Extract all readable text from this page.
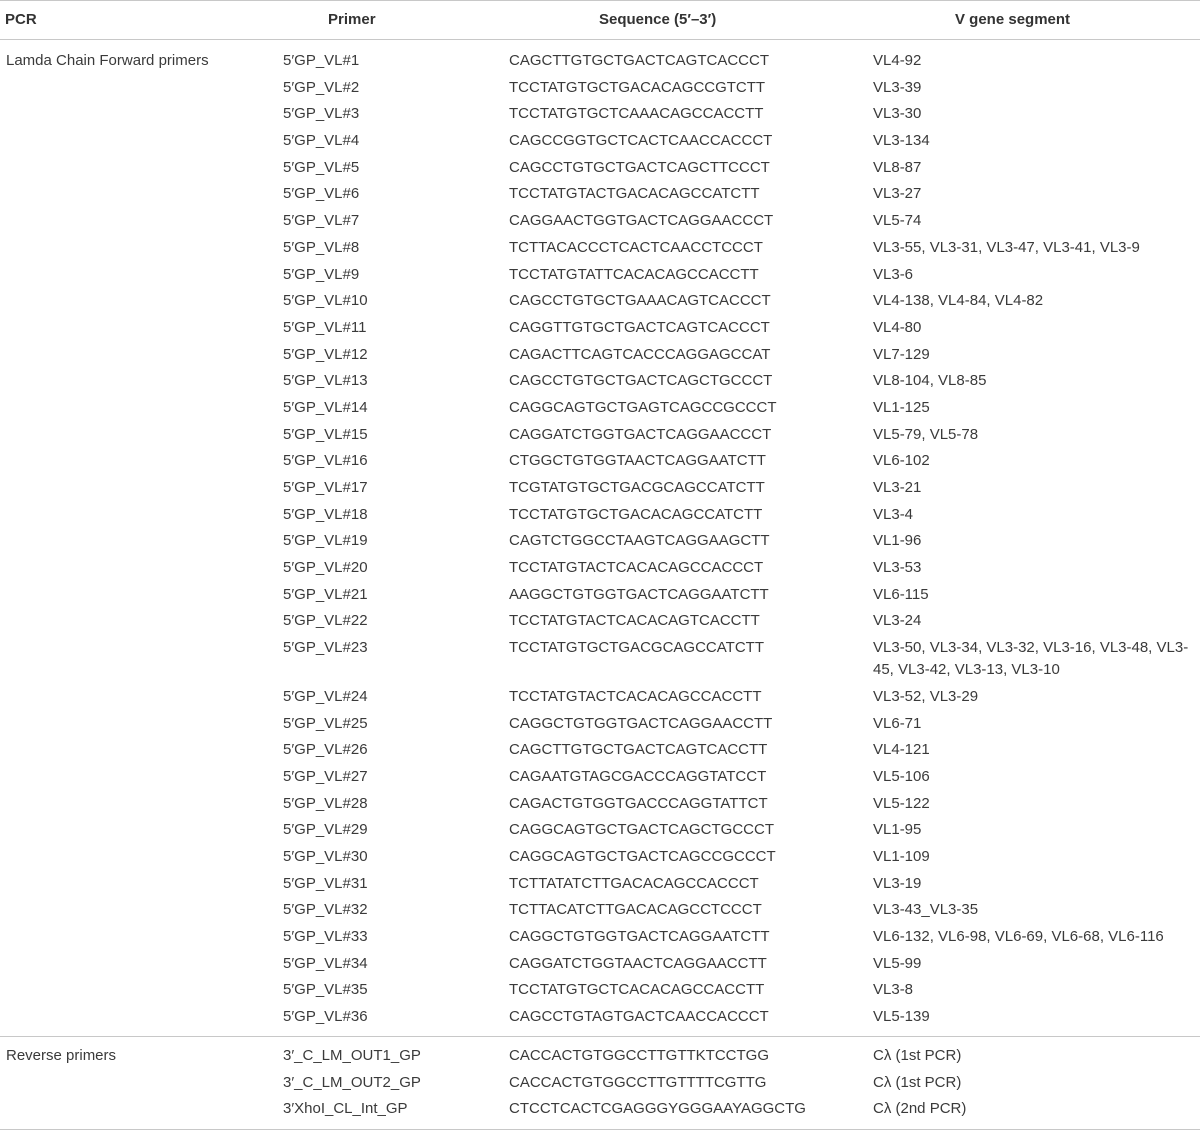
PCR	Primer	Sequence (5′–3′)	V gene segment
Lamda Chain Forward primers	5′GP_VL#1	CAGCTTGTGCTGACTCAGTCACCCT	VL4-92
	5′GP_VL#2	TCCTATGTGCTGACACAGCCGTCTT	VL3-39
	5′GP_VL#3	TCCTATGTGCTCAAACAGCCACCTT	VL3-30
	5′GP_VL#4	CAGCCGGTGCTCACTCAACCACCCT	VL3-134
	5′GP_VL#5	CAGCCTGTGCTGACTCAGCTTCCCT	VL8-87
	5′GP_VL#6	TCCTATGTACTGACACAGCCATCTT	VL3-27
	5′GP_VL#7	CAGGAACTGGTGACTCAGGAACCCT	VL5-74
	5′GP_VL#8	TCTTACACCCTCACTCAACCTCCCT	VL3-55, VL3-31, VL3-47, VL3-41, VL3-9
	5′GP_VL#9	TCCTATGTATTCACACAGCCACCTT	VL3-6
	5′GP_VL#10	CAGCCTGTGCTGAAACAGTCACCCT	VL4-138, VL4-84, VL4-82
	5′GP_VL#11	CAGGTTGTGCTGACTCAGTCACCCT	VL4-80
	5′GP_VL#12	CAGACTTCAGTCACCCAGGAGCCAT	VL7-129
	5′GP_VL#13	CAGCCTGTGCTGACTCAGCTGCCCT	VL8-104, VL8-85
	5′GP_VL#14	CAGGCAGTGCTGAGTCAGCCGCCCT	VL1-125
	5′GP_VL#15	CAGGATCTGGTGACTCAGGAACCCT	VL5-79, VL5-78
	5′GP_VL#16	CTGGCTGTGGTAACTCAGGAATCTT	VL6-102
	5′GP_VL#17	TCGTATGTGCTGACGCAGCCATCTT	VL3-21
	5′GP_VL#18	TCCTATGTGCTGACACAGCCATCTT	VL3-4
	5′GP_VL#19	CAGTCTGGCCTAAGTCAGGAAGCTT	VL1-96
	5′GP_VL#20	TCCTATGTACTCACACAGCCACCCT	VL3-53
	5′GP_VL#21	AAGGCTGTGGTGACTCAGGAATCTT	VL6-115
	5′GP_VL#22	TCCTATGTACTCACACAGTCACCTT	VL3-24
	5′GP_VL#23	TCCTATGTGCTGACGCAGCCATCTT	VL3-50, VL3-34, VL3-32, VL3-16, VL3-48, VL3-45, VL3-42, VL3-13, VL3-10
	5′GP_VL#24	TCCTATGTACTCACACAGCCACCTT	VL3-52, VL3-29
	5′GP_VL#25	CAGGCTGTGGTGACTCAGGAACCTT	VL6-71
	5′GP_VL#26	CAGCTTGTGCTGACTCAGTCACCTT	VL4-121
	5′GP_VL#27	CAGAATGTAGCGACCCAGGTATCCT	VL5-106
	5′GP_VL#28	CAGACTGTGGTGACCCAGGTATTCT	VL5-122
	5′GP_VL#29	CAGGCAGTGCTGACTCAGCTGCCCT	VL1-95
	5′GP_VL#30	CAGGCAGTGCTGACTCAGCCGCCCT	VL1-109
	5′GP_VL#31	TCTTATATCTTGACACAGCCACCCT	VL3-19
	5′GP_VL#32	TCTTACATCTTGACACAGCCTCCCT	VL3-43_VL3-35
	5′GP_VL#33	CAGGCTGTGGTGACTCAGGAATCTT	VL6-132, VL6-98, VL6-69, VL6-68, VL6-116
	5′GP_VL#34	CAGGATCTGGTAACTCAGGAACCTT	VL5-99
	5′GP_VL#35	TCCTATGTGCTCACACAGCCACCTT	VL3-8
	5′GP_VL#36	CAGCCTGTAGTGACTCAACCACCCT	VL5-139
Reverse primers	3′_C_LM_OUT1_GP	CACCACTGTGGCCTTGTTKTCCTGG	Cλ (1st PCR)
	3′_C_LM_OUT2_GP	CACCACTGTGGCCTTGTTTTCGTTG	Cλ (1st PCR)
	3′XhoI_CL_Int_GP	CTCCTCACTCGAGGGYGGGAAYAGGCTG	Cλ (2nd PCR)
